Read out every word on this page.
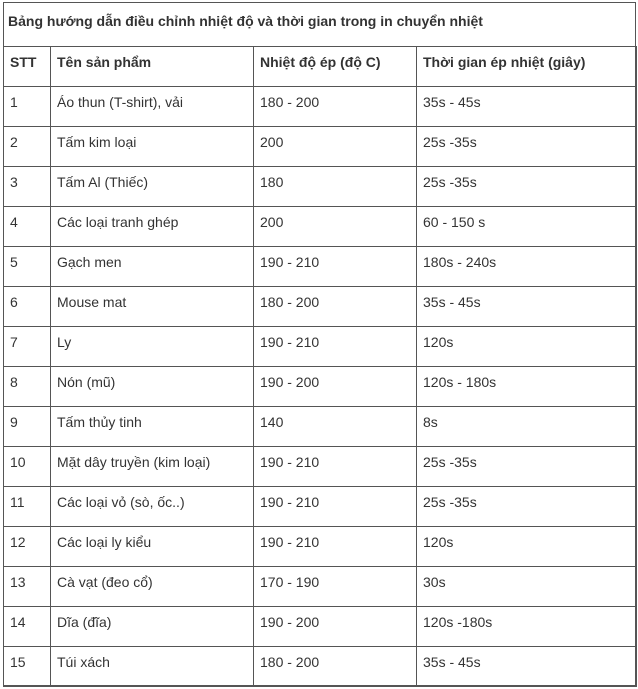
Bảng hướng dẫn điều chỉnh nhiệt độ và thời gian trong in chuyển nhiệt
STT	Tên sản phẩm	Nhiệt độ ép (độ C)	Thời gian ép nhiệt (giây)
1	Áo thun (T-shirt), vải	180 - 200	35s - 45s
2	Tấm kim loại	200	25s -35s
3	Tấm Al (Thiếc)	180	25s -35s
4	Các loại tranh ghép	200	60 - 150 s
5	Gạch men	190 - 210	180s - 240s
6	Mouse mat	180 - 200	35s - 45s
7	Ly	190 - 210	120s
8	Nón (mũ)	190 - 200	120s - 180s
9	Tấm thủy tinh	140	8s
10	Mặt dây truyền (kim loại)	190 - 210	25s -35s
11	Các loại vỏ (sò, ốc..)	190 - 210	25s -35s
12	Các loại ly kiểu	190 - 210	120s
13	Cà vạt (đeo cổ)	170 - 190	30s
14	Dĩa (đĩa)	190 - 200	120s -180s
15	Túi xách	180 - 200	35s - 45s
